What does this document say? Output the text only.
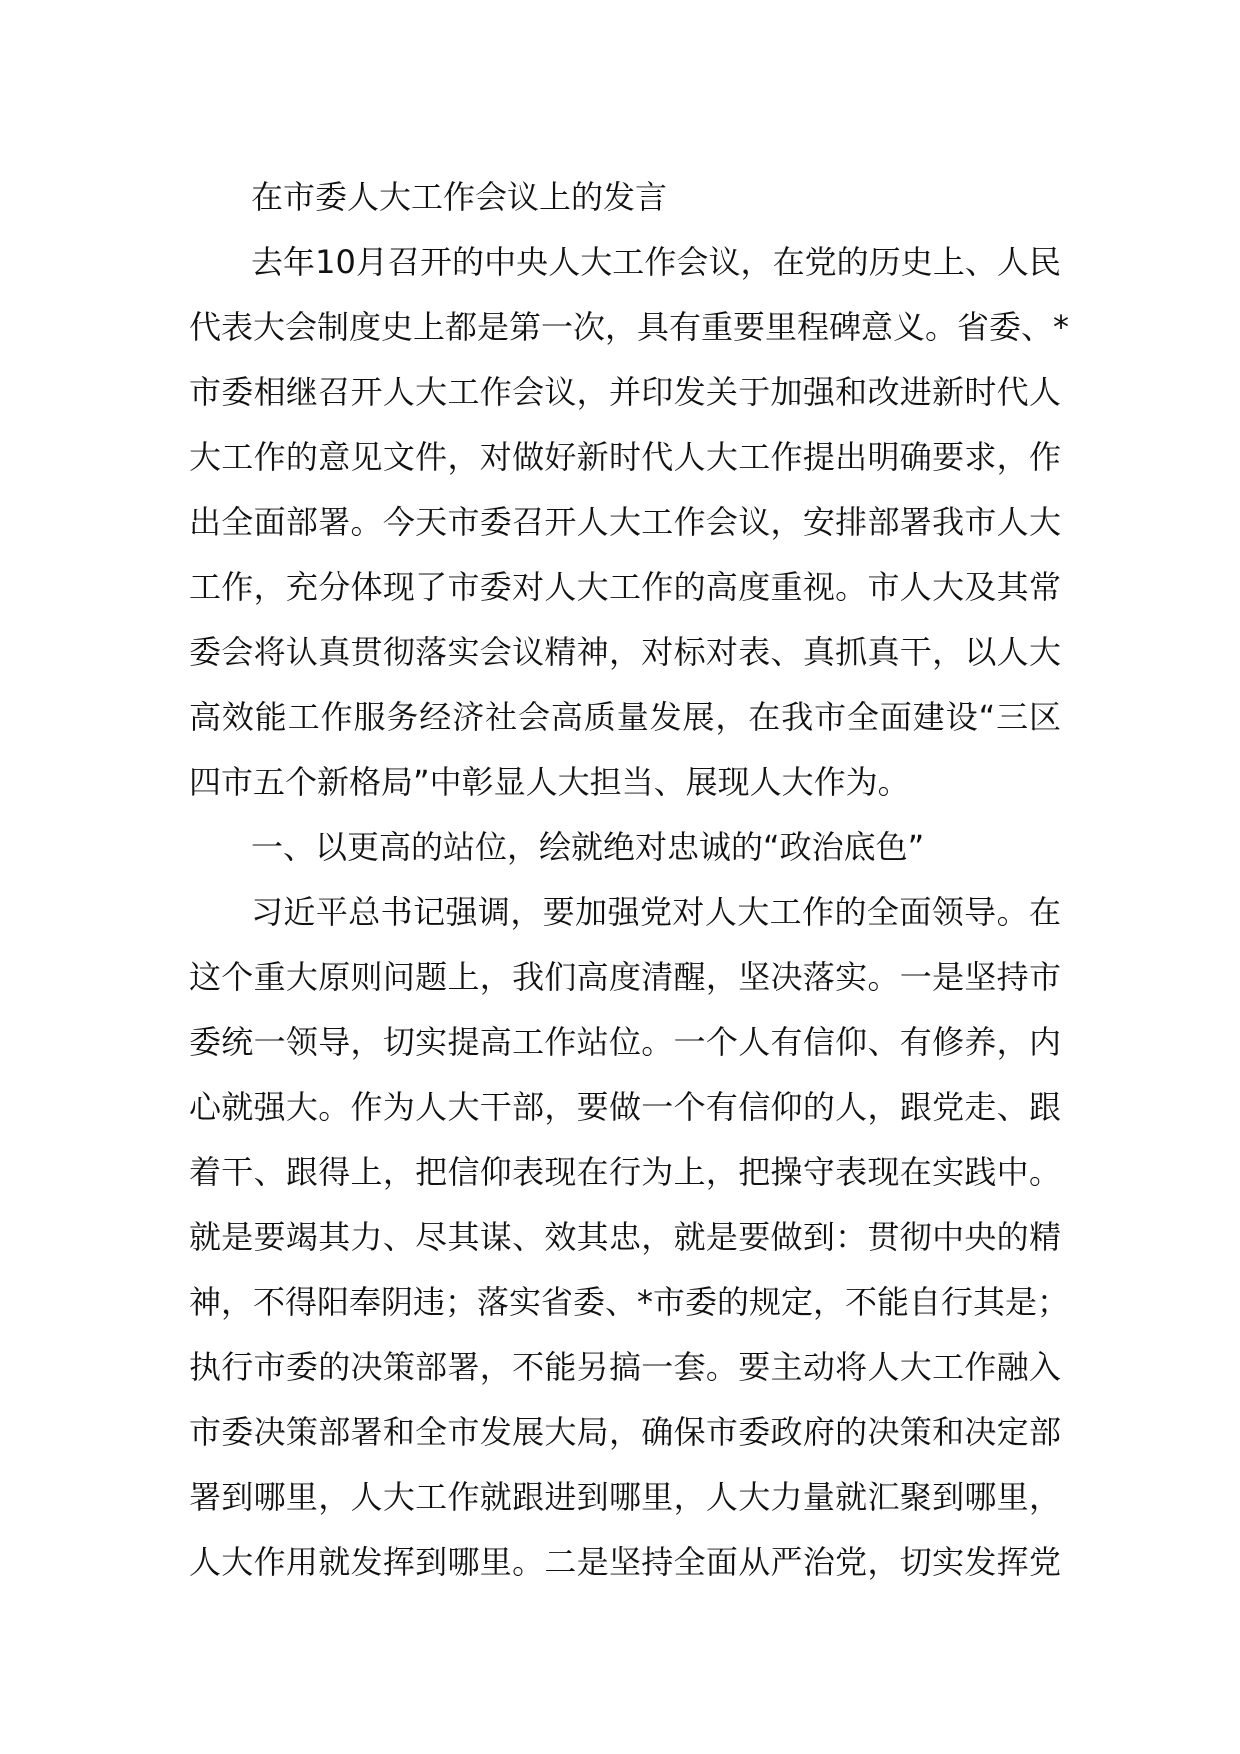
在市委人大工作会议上的发言
去年10月召开的中央人大工作会议，在党的历史上、人民
代表大会制度史上都是第一次，具有重要里程碑意义。省委、*
市委相继召开人大工作会议，并印发关于加强和改进新时代人
大工作的意见文件，对做好新时代人大工作提出明确要求，作
出全面部署。今天市委召开人大工作会议，安排部署我市人大
工作，充分体现了市委对人大工作的高度重视。市人大及其常
委会将认真贯彻落实会议精神，对标对表、真抓真干，以人大
高效能工作服务经济社会高质量发展，在我市全面建设“三区
四市五个新格局”中彰显人大担当、展现人大作为。
一、以更高的站位，绘就绝对忠诚的“政治底色”
习近平总书记强调，要加强党对人大工作的全面领导。在
这个重大原则问题上，我们高度清醒，坚决落实。一是坚持市
委统一领导，切实提高工作站位。一个人有信仰、有修养，内
心就强大。作为人大干部，要做一个有信仰的人，跟党走、跟
着干、跟得上，把信仰表现在行为上，把操守表现在实践中。
就是要竭其力、尽其谋、效其忠，就是要做到：贯彻中央的精
神，不得阳奉阴违；落实省委、*市委的规定，不能自行其是；
执行市委的决策部署，不能另搞一套。要主动将人大工作融入
市委决策部署和全市发展大局，确保市委政府的决策和决定部
署到哪里，人大工作就跟进到哪里，人大力量就汇聚到哪里，
人大作用就发挥到哪里。二是坚持全面从严治党，切实发挥党
